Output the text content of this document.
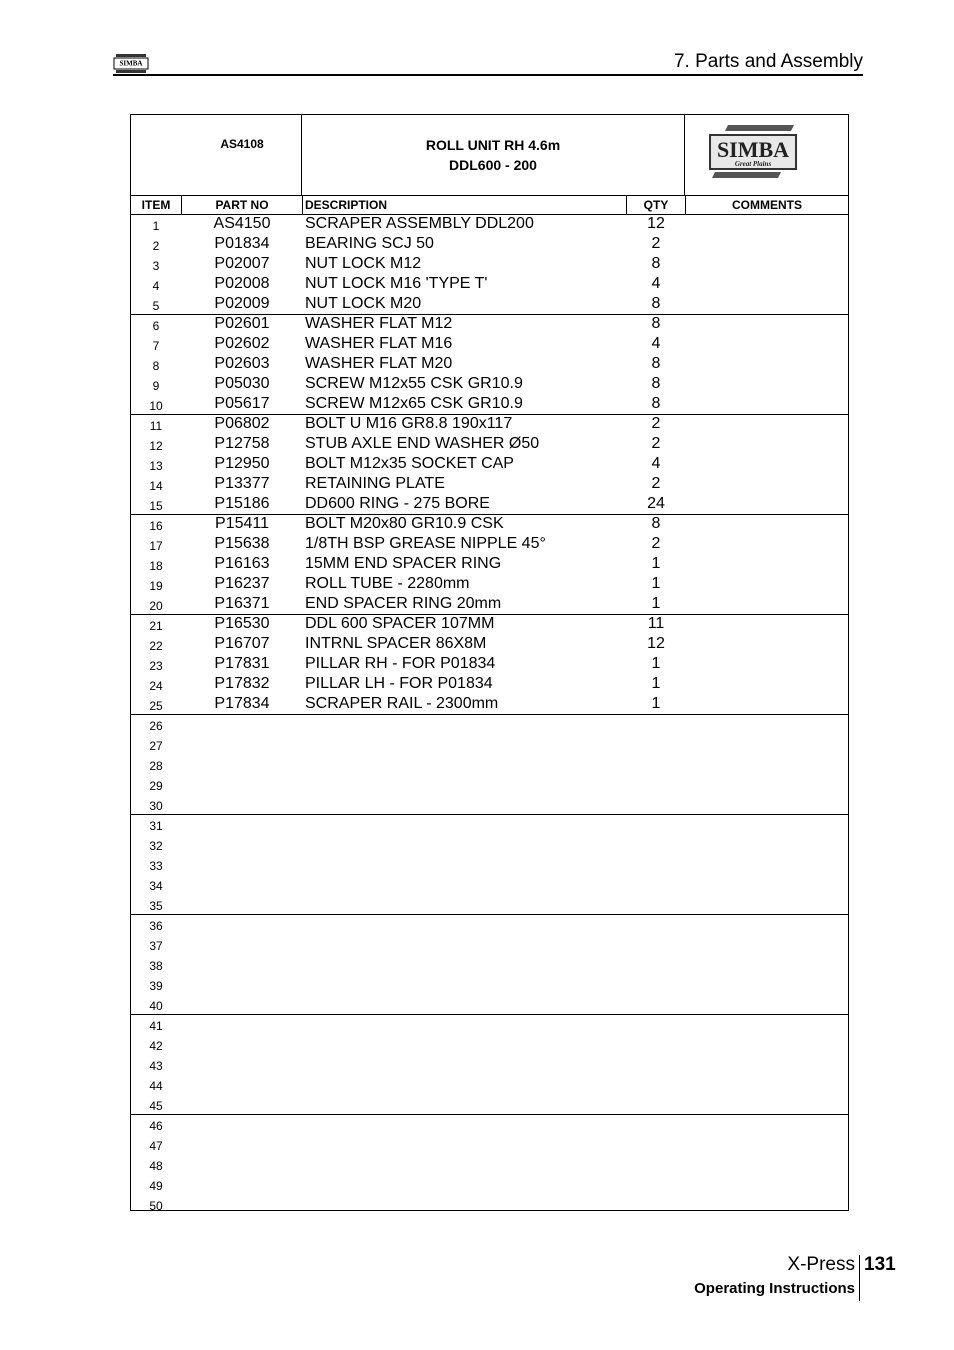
SIMBA	7. Parts and Assembly
AS4108	ROLL UNIT RH 4.6m
DDL600 - 200
SIMBA
Great Plains
ITEM	PART NO	DESCRIPTION	QTY	COMMENTS
1	AS4150	SCRAPER ASSEMBLY DDL200	12
2	P01834	BEARING SCJ 50	2
3	P02007	NUT LOCK M12	8
4	P02008	NUT LOCK M16 'TYPE T'	4
5	P02009	NUT LOCK M20	8
6	P02601	WASHER FLAT M12	8
7	P02602	WASHER FLAT M16	4
8	P02603	WASHER FLAT M20	8
9	P05030	SCREW M12x55 CSK GR10.9	8
10	P05617	SCREW M12x65 CSK GR10.9	8
11	P06802	BOLT U M16 GR8.8 190x117	2
12	P12758	STUB AXLE END WASHER Ø50	2
13	P12950	BOLT M12x35 SOCKET CAP	4
14	P13377	RETAINING PLATE	2
15	P15186	DD600 RING - 275 BORE	24
16	P15411	BOLT M20x80 GR10.9 CSK	8
17	P15638	1/8TH BSP GREASE NIPPLE 45°	2
18	P16163	15MM END SPACER RING	1
19	P16237	ROLL TUBE - 2280mm	1
20	P16371	END SPACER RING 20mm	1
21	P16530	DDL 600 SPACER 107MM	11
22	P16707	INTRNL SPACER 86X8M	12
23	P17831	PILLAR RH - FOR P01834	1
24	P17832	PILLAR LH - FOR P01834	1
25	P17834	SCRAPER RAIL - 2300mm	1
26
27
28
29
30
31
32
33
34
35
36
37
38
39
40
41
42
43
44
45
46
47
48
49
50
X-Press 131
Operating Instructions
